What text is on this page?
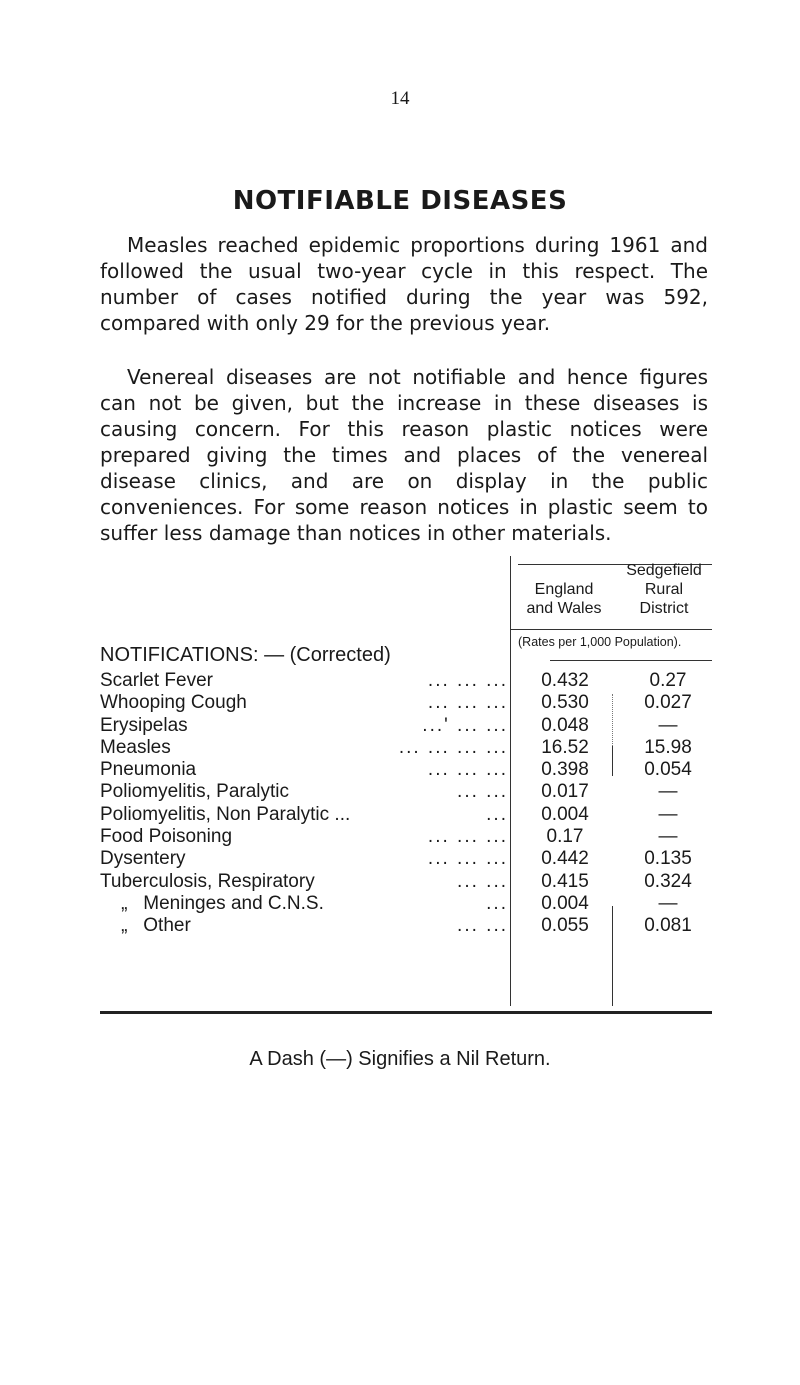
14
NOTIFIABLE DISEASES

Measles reached epidemic proportions during 1961 and followed the usual two-year cycle in this respect. The number of cases notified during the year was 592, compared with only 29 for the previous year.

Venereal diseases are not notifiable and hence figures can not be given, but the increase in these diseases is causing concern. For this reason plastic notices were prepared giving the times and places of the venereal disease clinics, and are on display in the public conveniences. For some reason notices in plastic seem to suffer less damage than notices in other materials.

England
and Wales
Sedgefield
Rural
District
(Rates per 1,000 Population).
NOTIFICATIONS: — (Corrected)
Scarlet Fever	... ... ...	0.432	0.27
Whooping Cough	... ... ...	0.530	0.027
Erysipelas	...' ... ...	0.048	—
Measles	... ... ... ...	16.52	15.98
Pneumonia	... ... ...	0.398	0.054
Poliomyelitis, Paralytic	... ...	0.017	—
Poliomyelitis, Non Paralytic ...	...	0.004	—
Food Poisoning	... ... ...	0.17	—
Dysentery	... ... ...	0.442	0.135
Tuberculosis, Respiratory	... ...	0.415	0.324
„   Meninges and C.N.S.	...	0.004	—
„   Other	... ...	0.055	0.081
A Dash (—) Signifies a Nil Return.
